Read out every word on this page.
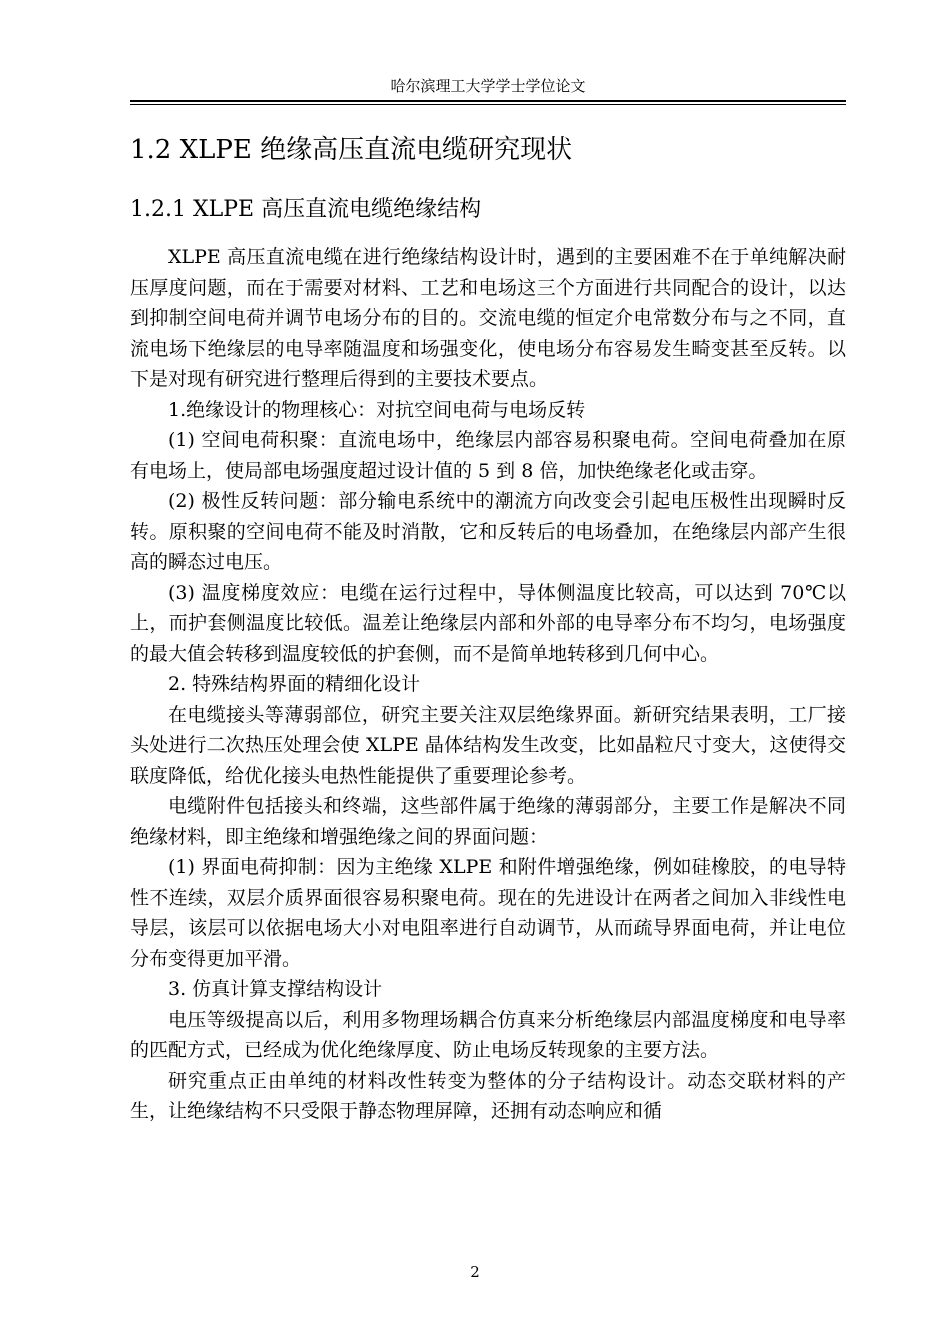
哈尔滨理工大学学士学位论文
1.2 XLPE 绝缘高压直流电缆研究现状
1.2.1 XLPE 高压直流电缆绝缘结构

XLPE 高压直流电缆在进行绝缘结构设计时，遇到的主要困难不在于单纯解决耐压厚度问题，而在于需要对材料、工艺和电场这三个方面进行共同配合的设计，以达到抑制空间电荷并调节电场分布的目的。交流电缆的恒定介电常数分布与之不同，直流电场下绝缘层的电导率随温度和场强变化，使电场分布容易发生畸变甚至反转。以下是对现有研究进行整理后得到的主要技术要点。

1.绝缘设计的物理核心：对抗空间电荷与电场反转

(1) 空间电荷积聚：直流电场中，绝缘层内部容易积聚电荷。空间电荷叠加在原有电场上，使局部电场强度超过设计值的 5 到 8 倍，加快绝缘老化或击穿。

(2) 极性反转问题：部分输电系统中的潮流方向改变会引起电压极性出现瞬时反转。原积聚的空间电荷不能及时消散，它和反转后的电场叠加，在绝缘层内部产生很高的瞬态过电压。

(3) 温度梯度效应：电缆在运行过程中，导体侧温度比较高，可以达到 70℃以上，而护套侧温度比较低。温差让绝缘层内部和外部的电导率分布不均匀，电场强度的最大值会转移到温度较低的护套侧，而不是简单地转移到几何中心。

2. 特殊结构界面的精细化设计

在电缆接头等薄弱部位，研究主要关注双层绝缘界面。新研究结果表明，工厂接头处进行二次热压处理会使 XLPE 晶体结构发生改变，比如晶粒尺寸变大，这使得交联度降低，给优化接头电热性能提供了重要理论参考。

电缆附件包括接头和终端，这些部件属于绝缘的薄弱部分，主要工作是解决不同绝缘材料，即主绝缘和增强绝缘之间的界面问题：

(1) 界面电荷抑制：因为主绝缘 XLPE 和附件增强绝缘，例如硅橡胶，的电导特性不连续，双层介质界面很容易积聚电荷。现在的先进设计在两者之间加入非线性电导层，该层可以依据电场大小对电阻率进行自动调节，从而疏导界面电荷，并让电位分布变得更加平滑。

3. 仿真计算支撑结构设计

电压等级提高以后，利用多物理场耦合仿真来分析绝缘层内部温度梯度和电导率的匹配方式，已经成为优化绝缘厚度、防止电场反转现象的主要方法。

研究重点正由单纯的材料改性转变为整体的分子结构设计。动态交联材料的产生，让绝缘结构不只受限于静态物理屏障，还拥有动态响应和循

2
